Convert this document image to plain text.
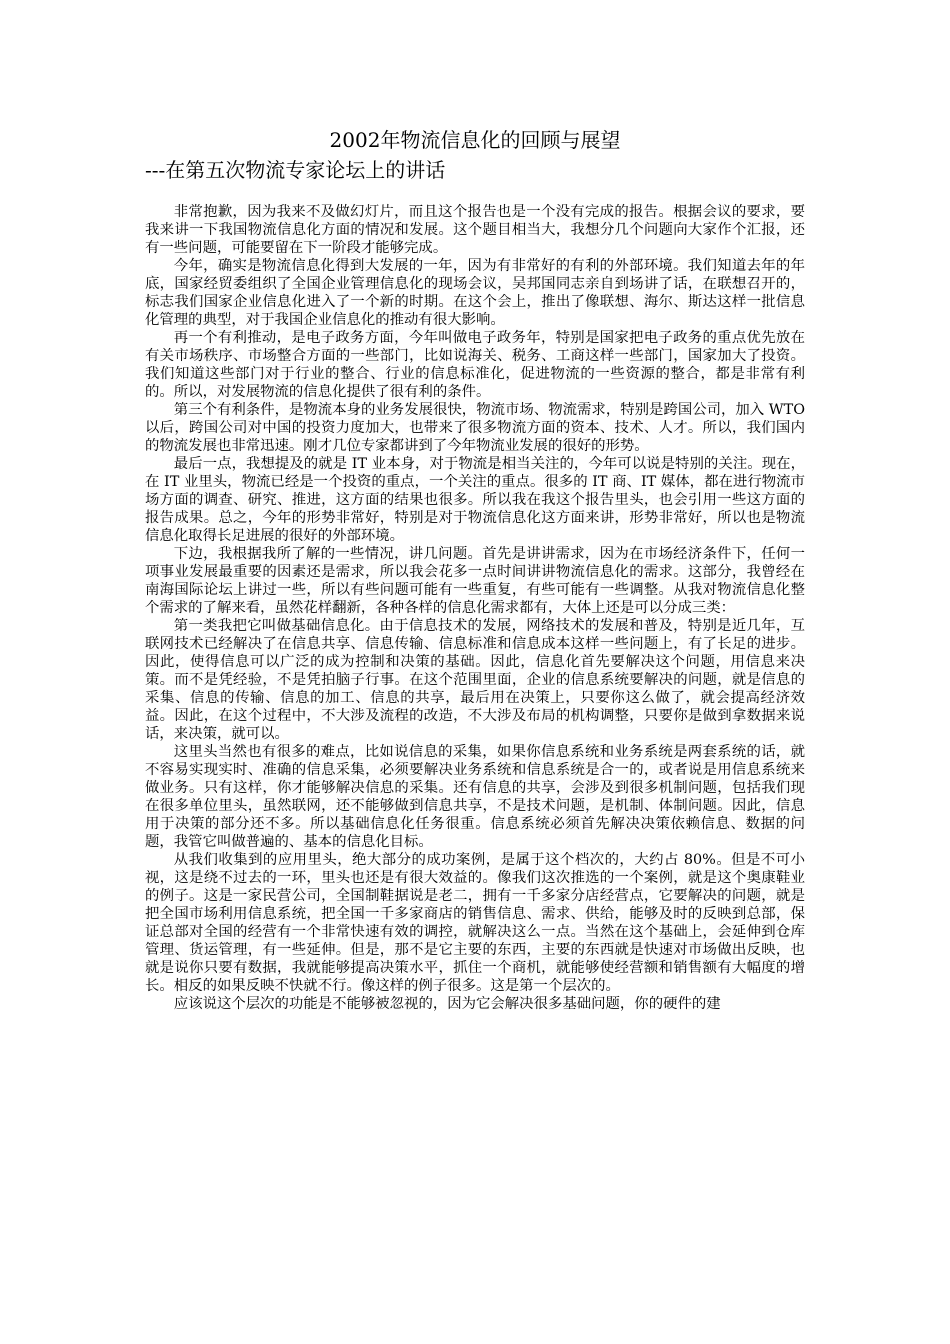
2002年物流信息化的回顾与展望
---在第五次物流专家论坛上的讲话

非常抱歉，因为我来不及做幻灯片，而且这个报告也是一个没有完成的报告。根据会议的要求，要我来讲一下我国物流信息化方面的情况和发展。这个题目相当大，我想分几个问题向大家作个汇报，还有一些问题，可能要留在下一阶段才能够完成。

今年，确实是物流信息化得到大发展的一年，因为有非常好的有利的外部环境。我们知道去年的年底，国家经贸委组织了全国企业管理信息化的现场会议，吴邦国同志亲自到场讲了话，在联想召开的，标志我们国家企业信息化进入了一个新的时期。在这个会上，推出了像联想、海尔、斯达这样一批信息化管理的典型，对于我国企业信息化的推动有很大影响。

再一个有利推动，是电子政务方面，今年叫做电子政务年，特别是国家把电子政务的重点优先放在有关市场秩序、市场整合方面的一些部门，比如说海关、税务、工商这样一些部门，国家加大了投资。我们知道这些部门对于行业的整合、行业的信息标准化，促进物流的一些资源的整合，都是非常有利的。所以，对发展物流的信息化提供了很有利的条件。

第三个有利条件，是物流本身的业务发展很快，物流市场、物流需求，特别是跨国公司，加入 WTO 以后，跨国公司对中国的投资力度加大，也带来了很多物流方面的资本、技术、人才。所以，我们国内的物流发展也非常迅速。刚才几位专家都讲到了今年物流业发展的很好的形势。

最后一点，我想提及的就是 IT 业本身，对于物流是相当关注的，今年可以说是特别的关注。现在，在 IT 业里头，物流已经是一个投资的重点，一个关注的重点。很多的 IT 商、IT 媒体，都在进行物流市场方面的调查、研究、推进，这方面的结果也很多。所以我在我这个报告里头，也会引用一些这方面的报告成果。总之，今年的形势非常好，特别是对于物流信息化这方面来讲，形势非常好，所以也是物流信息化取得长足进展的很好的外部环境。

下边，我根据我所了解的一些情况，讲几问题。首先是讲讲需求，因为在市场经济条件下，任何一项事业发展最重要的因素还是需求，所以我会花多一点时间讲讲物流信息化的需求。这部分，我曾经在南海国际论坛上讲过一些，所以有些问题可能有一些重复，有些可能有一些调整。从我对物流信息化整个需求的了解来看，虽然花样翻新，各种各样的信息化需求都有，大体上还是可以分成三类：

第一类我把它叫做基础信息化。由于信息技术的发展，网络技术的发展和普及，特别是近几年，互联网技术已经解决了在信息共享、信息传输、信息标准和信息成本这样一些问题上，有了长足的进步。因此，使得信息可以广泛的成为控制和决策的基础。因此，信息化首先要解决这个问题，用信息来决策。而不是凭经验，不是凭拍脑子行事。在这个范围里面，企业的信息系统要解决的问题，就是信息的采集、信息的传输、信息的加工、信息的共享，最后用在决策上，只要你这么做了，就会提高经济效益。因此，在这个过程中，不大涉及流程的改造，不大涉及布局的机构调整，只要你是做到拿数据来说话，来决策，就可以。

这里头当然也有很多的难点，比如说信息的采集，如果你信息系统和业务系统是两套系统的话，就不容易实现实时、准确的信息采集，必须要解决业务系统和信息系统是合一的，或者说是用信息系统来做业务。只有这样，你才能够解决信息的采集。还有信息的共享，会涉及到很多机制问题，包括我们现在很多单位里头，虽然联网，还不能够做到信息共享，不是技术问题，是机制、体制问题。因此，信息用于决策的部分还不多。所以基础信息化任务很重。信息系统必须首先解决决策依赖信息、数据的问题，我管它叫做普遍的、基本的信息化目标。

从我们收集到的应用里头，绝大部分的成功案例，是属于这个档次的，大约占 80%。但是不可小视，这是绕不过去的一环，里头也还是有很大效益的。像我们这次推选的一个案例，就是这个奥康鞋业的例子。这是一家民营公司，全国制鞋据说是老二，拥有一千多家分店经营点，它要解决的问题，就是把全国市场利用信息系统，把全国一千多家商店的销售信息、需求、供给，能够及时的反映到总部，保证总部对全国的经营有一个非常快速有效的调控，就解决这么一点。当然在这个基础上，会延伸到仓库管理、货运管理，有一些延伸。但是，那不是它主要的东西，主要的东西就是快速对市场做出反映，也就是说你只要有数据，我就能够提高决策水平，抓住一个商机，就能够使经营额和销售额有大幅度的增长。相反的如果反映不快就不行。像这样的例子很多。这是第一个层次的。

应该说这个层次的功能是不能够被忽视的，因为它会解决很多基础问题，你的硬件的建
